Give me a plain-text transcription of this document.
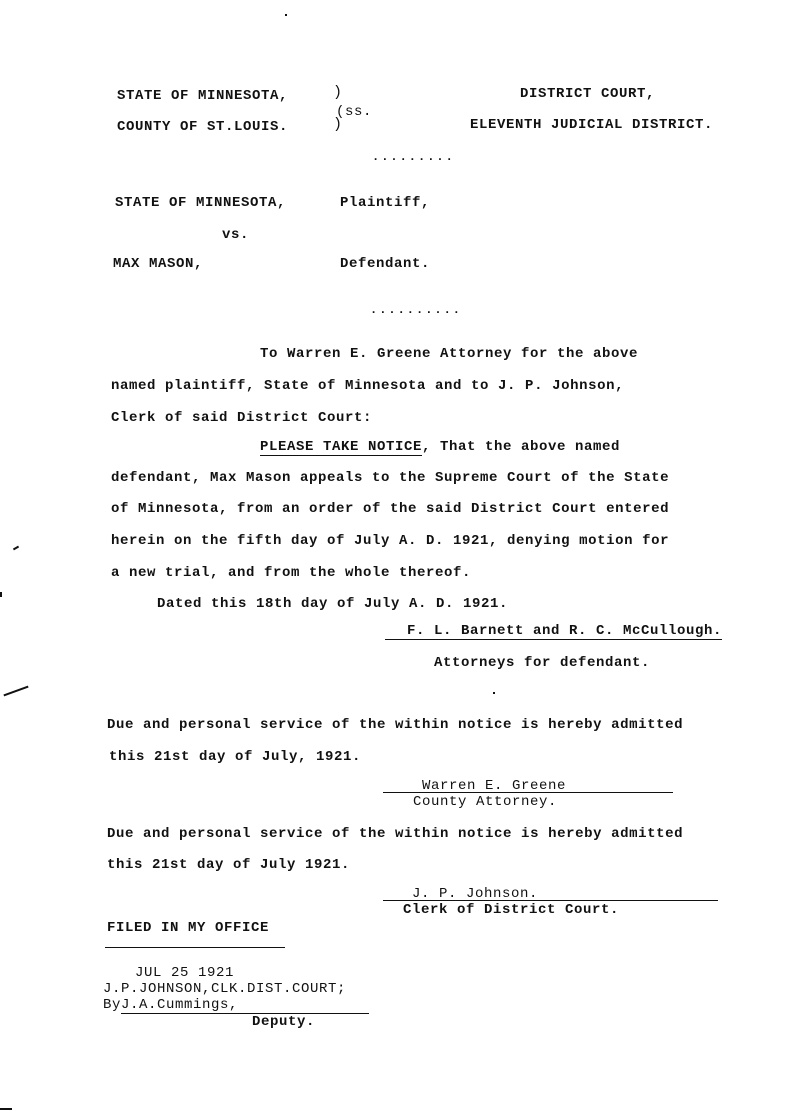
STATE OF MINNESOTA,
COUNTY OF ST.LOUIS.
)
)
(ss.
DISTRICT COURT,
ELEVENTH JUDICIAL DISTRICT.
.........
STATE OF MINNESOTA,	Plaintiff,
vs.
MAX MASON,	Defendant.
..........
To Warren E. Greene Attorney for the above
named plaintiff, State of Minnesota and to J. P. Johnson,
Clerk of said District Court:
PLEASE TAKE NOTICE, That the above named
defendant, Max Mason appeals to the Supreme Court of the State
of Minnesota, from an order of the said District Court entered
herein on the fifth day of July A. D. 1921, denying motion for
a new trial, and from the whole thereof.
Dated this 18th day of July A. D. 1921.
F. L. Barnett and R. C. McCullough.
Attorneys for defendant.
Due and personal service of the within notice is hereby admitted
this 21st day of July, 1921.
Warren E. Greene
County Attorney.
Due and personal service of the within notice is hereby admitted
this 21st day of July 1921.
J. P. Johnson.
Clerk of District Court.
FILED IN MY OFFICE
JUL 25 1921
J.P.JOHNSON,CLK.DIST.COURT;
ByJ.A.Cummings,
Deputy.
